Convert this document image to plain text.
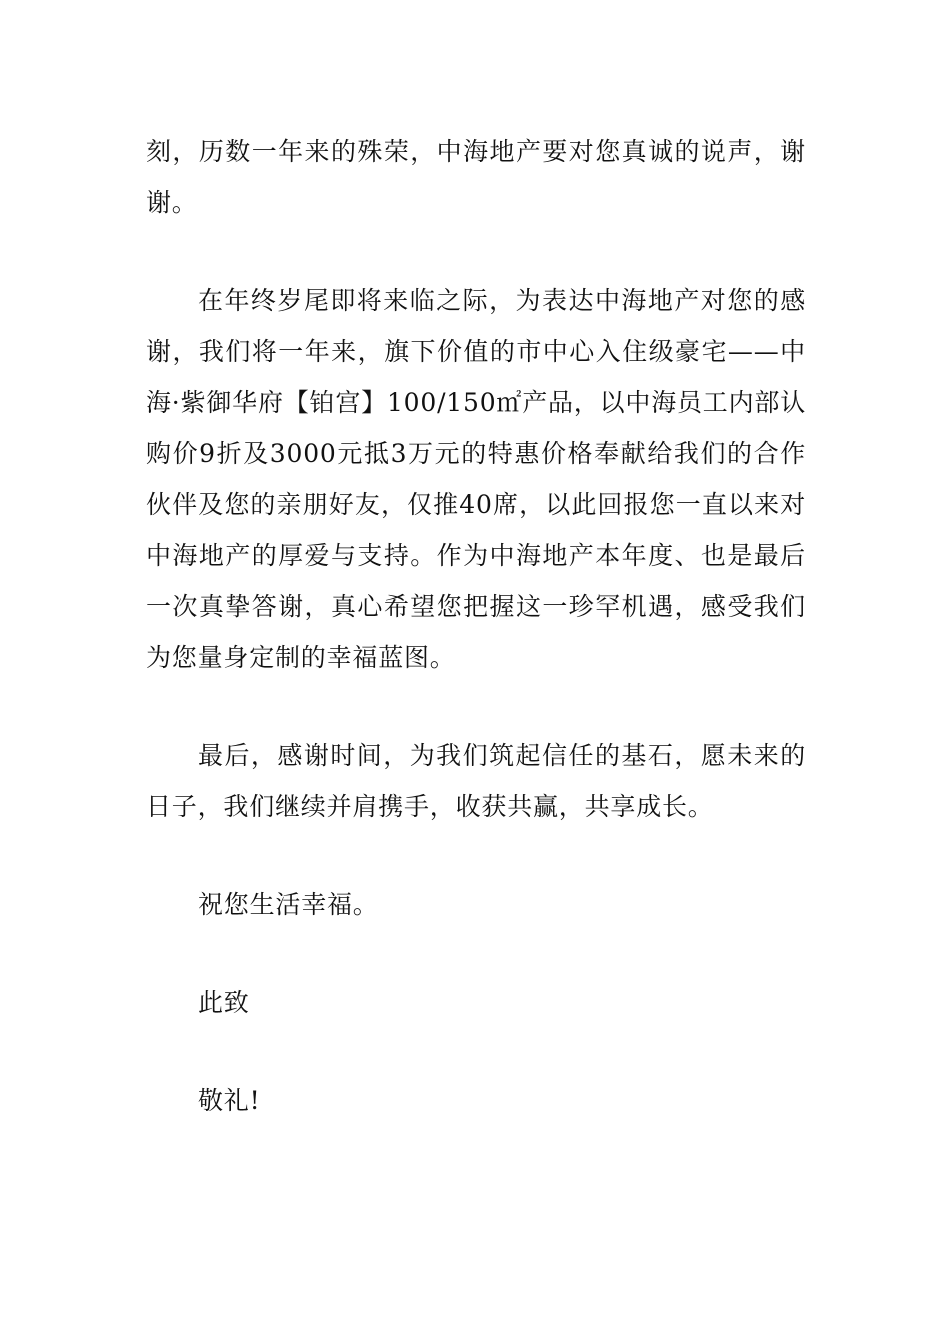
刻，历数一年来的殊荣，中海地产要对您真诚的说声，谢谢。

在年终岁尾即将来临之际，为表达中海地产对您的感谢，我们将一年来，旗下价值的市中心入住级豪宅——中海·紫御华府【铂宫】100/150㎡产品，以中海员工内部认购价9折及3000元抵3万元的特惠价格奉献给我们的合作伙伴及您的亲朋好友，仅推40席，以此回报您一直以来对中海地产的厚爱与支持。作为中海地产本年度、也是最后一次真挚答谢，真心希望您把握这一珍罕机遇，感受我们为您量身定制的幸福蓝图。

最后，感谢时间，为我们筑起信任的基石，愿未来的日子，我们继续并肩携手，收获共赢，共享成长。

祝您生活幸福。

此致

敬礼!
